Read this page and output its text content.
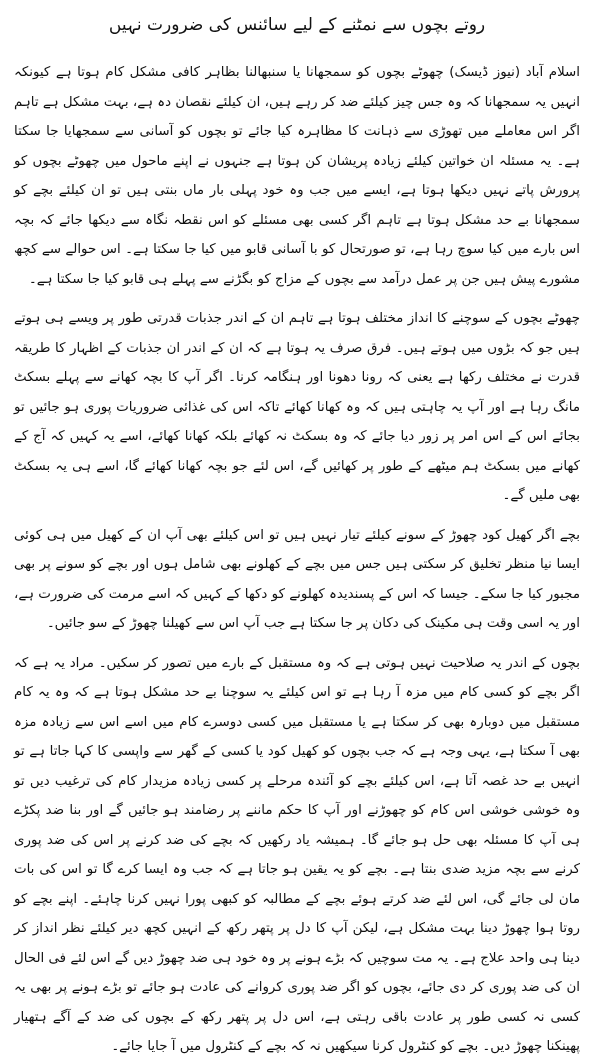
روتے بچوں سے نمٹنے کے لیے سائنس کی ضرورت نہیں

اسلام آباد (نیوز ڈیسک) چھوٹے بچوں کو سمجھانا یا سنبھالنا بظاہر کافی مشکل کام ہوتا ہے کیونکہ انہیں یہ سمجھانا کہ وہ جس چیز کیلئے ضد کر رہے ہیں، ان کیلئے نقصان دہ ہے، بہت مشکل ہے تاہم اگر اس معاملے میں تھوڑی سے ذہانت کا مظاہرہ کیا جائے تو بچوں کو آسانی سے سمجھایا جا سکتا ہے۔ یہ مسئلہ ان خواتین کیلئے زیادہ پریشان کن ہوتا ہے جنہوں نے اپنے ماحول میں چھوٹے بچوں کو پرورش پاتے نہیں دیکھا ہوتا ہے، ایسے میں جب وہ خود پہلی بار ماں بنتی ہیں تو ان کیلئے بچے کو سمجھانا بے حد مشکل ہوتا ہے تاہم اگر کسی بھی مسئلے کو اس نقطہ نگاہ سے دیکھا جائے کہ بچہ اس بارے میں کیا سوچ رہا ہے، تو صورتحال کو با آسانی قابو میں کیا جا سکتا ہے۔ اس حوالے سے کچھ مشورے پیش ہیں جن پر عمل درآمد سے بچوں کے مزاج کو بگڑنے سے پہلے ہی قابو کیا جا سکتا ہے۔

چھوٹے بچوں کے سوچنے کا انداز مختلف ہوتا ہے تاہم ان کے اندر جذبات قدرتی طور پر ویسے ہی ہوتے ہیں جو کہ بڑوں میں ہوتے ہیں۔ فرق صرف یہ ہوتا ہے کہ ان کے اندر ان جذبات کے اظہار کا طریقہ قدرت نے مختلف رکھا ہے یعنی کہ رونا دھونا اور ہنگامہ کرنا۔ اگر آپ کا بچہ کھانے سے پہلے بسکٹ مانگ رہا ہے اور آپ یہ چاہتی ہیں کہ وہ کھانا کھائے تاکہ اس کی غذائی ضروریات پوری ہو جائیں تو بجائے اس کے اس امر پر زور دیا جائے کہ وہ بسکٹ نہ کھائے بلکہ کھانا کھائے، اسے یہ کہیں کہ آج کے کھانے میں بسکٹ ہم میٹھے کے طور پر کھائیں گے، اس لئے جو بچہ کھانا کھائے گا، اسے ہی یہ بسکٹ بھی ملیں گے۔

بچے اگر کھیل کود چھوڑ کے سونے کیلئے تیار نہیں ہیں تو اس کیلئے بھی آپ ان کے کھیل میں ہی کوئی ایسا نیا منظر تخلیق کر سکتی ہیں جس میں بچے کے کھلونے بھی شامل ہوں اور بچے کو سونے پر بھی مجبور کیا جا سکے۔ جیسا کہ اس کے پسندیدہ کھلونے کو دکھا کے کہیں کہ اسے مرمت کی ضرورت ہے، اور یہ اسی وقت ہی مکینک کی دکان پر جا سکتا ہے جب آپ اس سے کھیلنا چھوڑ کے سو جائیں۔

بچوں کے اندر یہ صلاحیت نہیں ہوتی ہے کہ وہ مستقبل کے بارے میں تصور کر سکیں۔ مراد یہ ہے کہ اگر بچے کو کسی کام میں مزہ آ رہا ہے تو اس کیلئے یہ سوچنا بے حد مشکل ہوتا ہے کہ وہ یہ کام مستقبل میں دوبارہ بھی کر سکتا ہے یا مستقبل میں کسی دوسرے کام میں اسے اس سے زیادہ مزہ بھی آ سکتا ہے، یہی وجہ ہے کہ جب بچوں کو کھیل کود یا کسی کے گھر سے واپسی کا کہا جاتا ہے تو انہیں بے حد غصہ آتا ہے، اس کیلئے بچے کو آئندہ مرحلے پر کسی زیادہ مزیدار کام کی ترغیب دیں تو وہ خوشی خوشی اس کام کو چھوڑنے اور آپ کا حکم ماننے پر رضامند ہو جائیں گے اور بنا ضد پکڑے ہی آپ کا مسئلہ بھی حل ہو جائے گا۔ ہمیشہ یاد رکھیں کہ بچے کی ضد کرنے پر اس کی ضد پوری کرنے سے بچہ مزید ضدی بنتا ہے۔ بچے کو یہ یقین ہو جاتا ہے کہ جب وہ ایسا کرے گا تو اس کی بات مان لی جائے گی، اس لئے ضد کرتے ہوئے بچے کے مطالبہ کو کبھی پورا نہیں کرنا چاہئے۔ اپنے بچے کو روتا ہوا چھوڑ دینا بہت مشکل ہے، لیکن آپ کا دل پر پتھر رکھ کے انہیں کچھ دیر کیلئے نظر انداز کر دینا ہی واحد علاج ہے۔ یہ مت سوچیں کہ بڑے ہونے پر وہ خود ہی ضد چھوڑ دیں گے اس لئے فی الحال ان کی ضد پوری کر دی جائے، بچوں کو اگر ضد پوری کروانے کی عادت ہو جائے تو بڑے ہونے پر بھی یہ کسی نہ کسی طور پر عادت باقی رہتی ہے، اس دل پر پتھر رکھ کے بچوں کی ضد کے آگے ہتھیار پھینکنا چھوڑ دیں۔ بچے کو کنٹرول کرنا سیکھیں نہ کہ بچے کے کنٹرول میں آ جایا جائے۔
